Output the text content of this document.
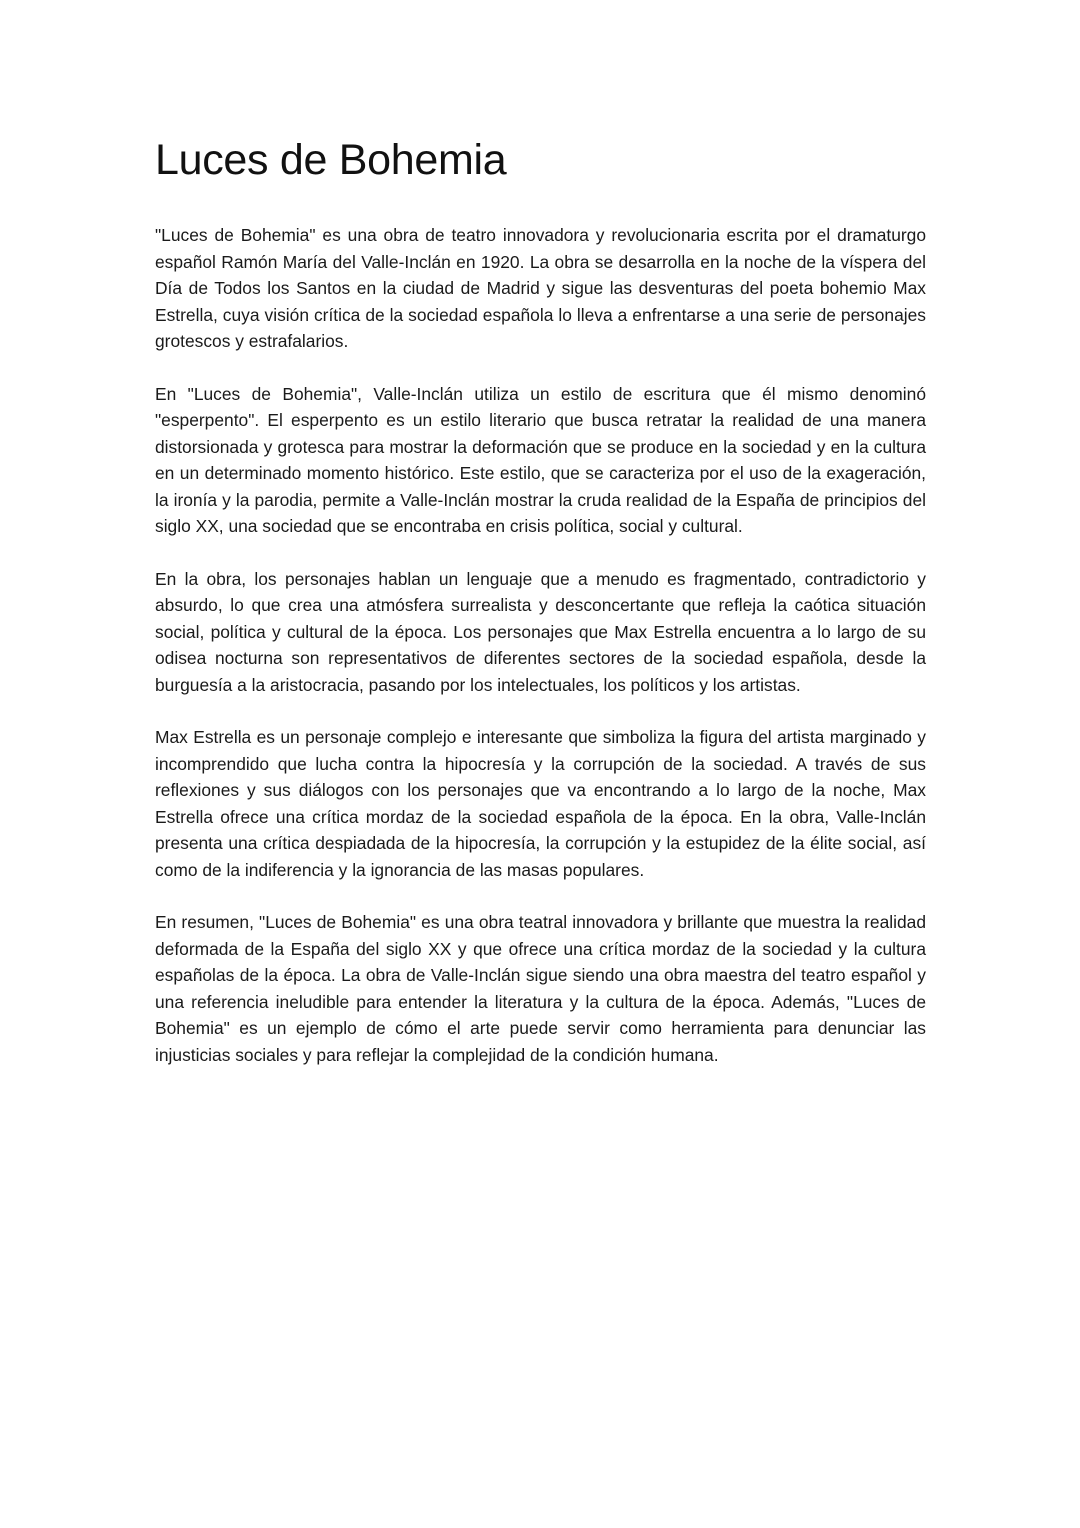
Luces de Bohemia

"Luces de Bohemia" es una obra de teatro innovadora y revolucionaria escrita por el dramaturgo español Ramón María del Valle-Inclán en 1920. La obra se desarrolla en la noche de la víspera del Día de Todos los Santos en la ciudad de Madrid y sigue las desventuras del poeta bohemio Max Estrella, cuya visión crítica de la sociedad española lo lleva a enfrentarse a una serie de personajes grotescos y estrafalarios.

En "Luces de Bohemia", Valle-Inclán utiliza un estilo de escritura que él mismo denominó "esperpento". El esperpento es un estilo literario que busca retratar la realidad de una manera distorsionada y grotesca para mostrar la deformación que se produce en la sociedad y en la cultura en un determinado momento histórico. Este estilo, que se caracteriza por el uso de la exageración, la ironía y la parodia, permite a Valle-Inclán mostrar la cruda realidad de la España de principios del siglo XX, una sociedad que se encontraba en crisis política, social y cultural.

En la obra, los personajes hablan un lenguaje que a menudo es fragmentado, contradictorio y absurdo, lo que crea una atmósfera surrealista y desconcertante que refleja la caótica situación social, política y cultural de la época. Los personajes que Max Estrella encuentra a lo largo de su odisea nocturna son representativos de diferentes sectores de la sociedad española, desde la burguesía a la aristocracia, pasando por los intelectuales, los políticos y los artistas.

Max Estrella es un personaje complejo e interesante que simboliza la figura del artista marginado y incomprendido que lucha contra la hipocresía y la corrupción de la sociedad. A través de sus reflexiones y sus diálogos con los personajes que va encontrando a lo largo de la noche, Max Estrella ofrece una crítica mordaz de la sociedad española de la época. En la obra, Valle-Inclán presenta una crítica despiadada de la hipocresía, la corrupción y la estupidez de la élite social, así como de la indiferencia y la ignorancia de las masas populares.

En resumen, "Luces de Bohemia" es una obra teatral innovadora y brillante que muestra la realidad deformada de la España del siglo XX y que ofrece una crítica mordaz de la sociedad y la cultura españolas de la época. La obra de Valle-Inclán sigue siendo una obra maestra del teatro español y una referencia ineludible para entender la literatura y la cultura de la época. Además, "Luces de Bohemia" es un ejemplo de cómo el arte puede servir como herramienta para denunciar las injusticias sociales y para reflejar la complejidad de la condición humana.
